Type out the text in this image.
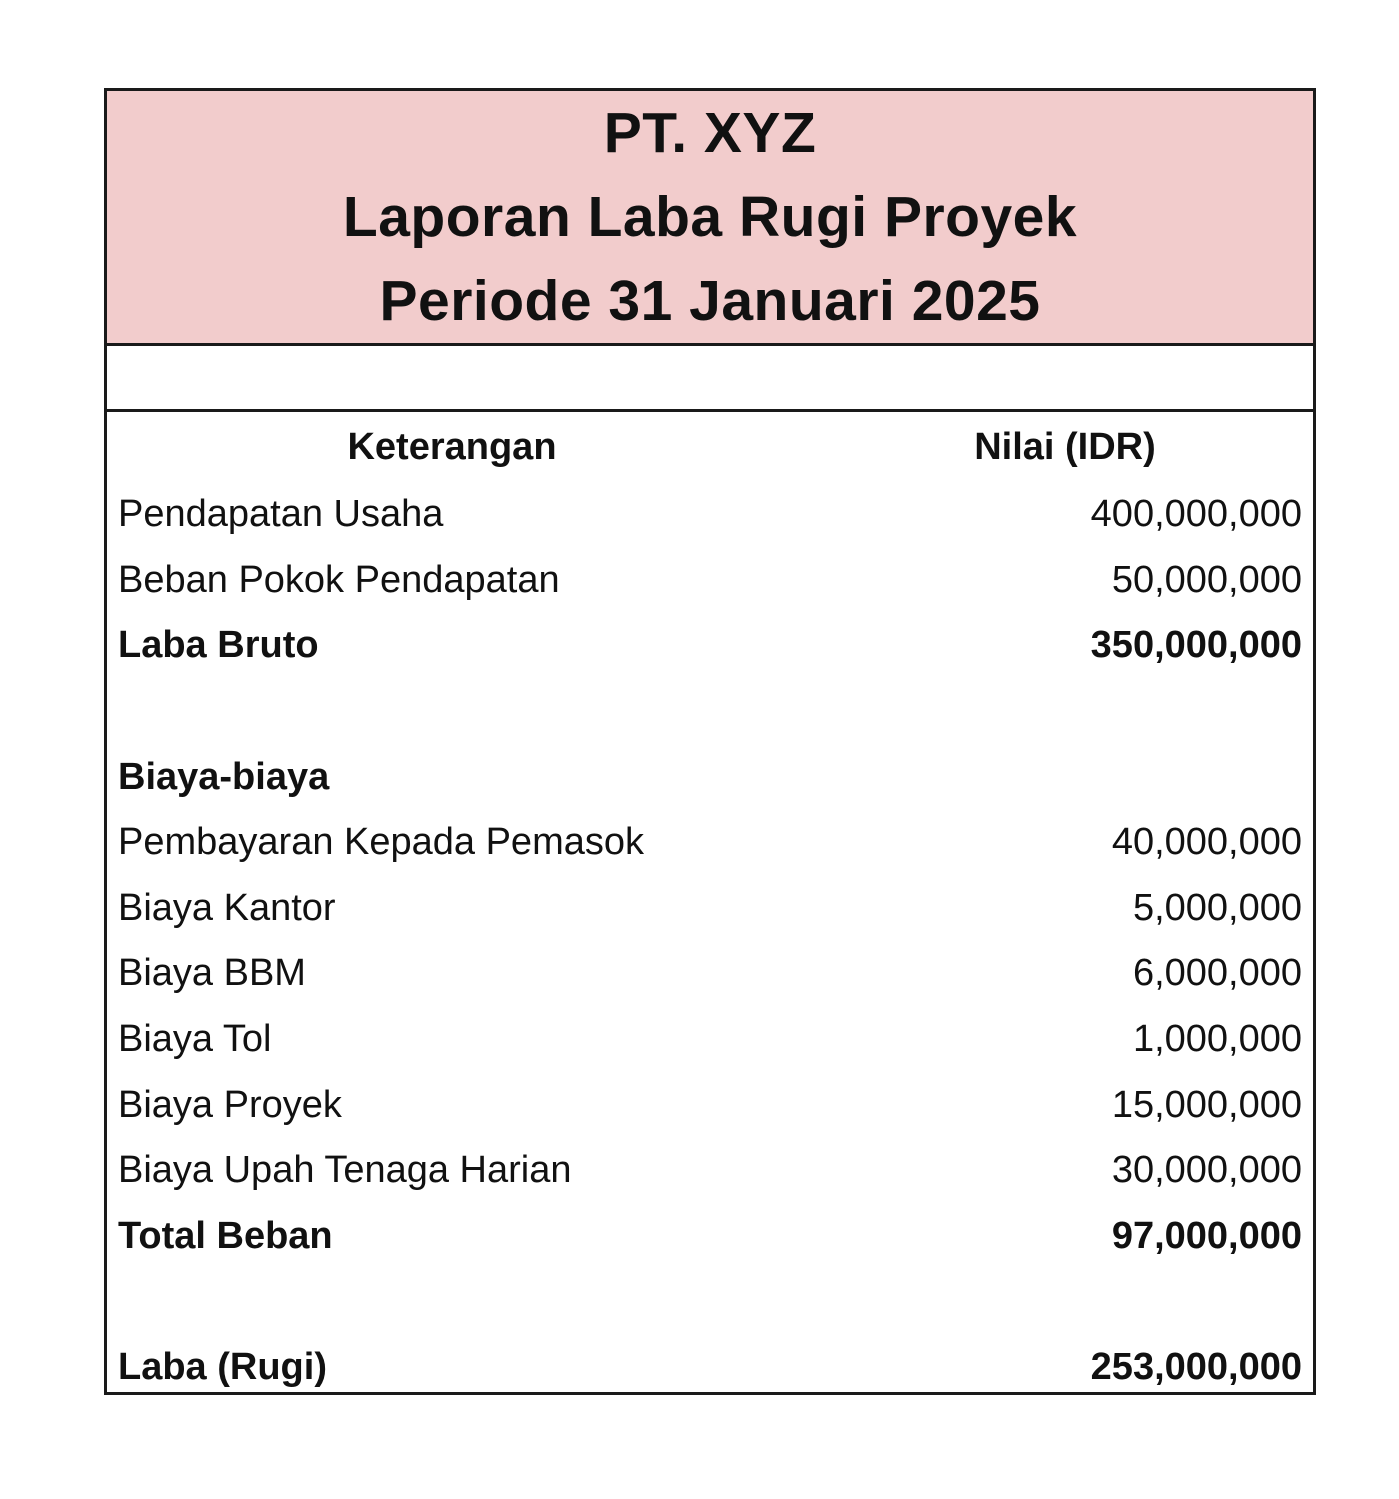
PT. XYZ
Laporan Laba Rugi Proyek
Periode 31 Januari 2025
Keterangan	Nilai (IDR)
Pendapatan Usaha	400,000,000
Beban Pokok Pendapatan	50,000,000
Laba Bruto	350,000,000
Biaya-biaya
Pembayaran Kepada Pemasok	40,000,000
Biaya Kantor	5,000,000
Biaya BBM	6,000,000
Biaya Tol	1,000,000
Biaya Proyek	15,000,000
Biaya Upah Tenaga Harian	30,000,000
Total Beban	97,000,000
Laba (Rugi)	253,000,000
